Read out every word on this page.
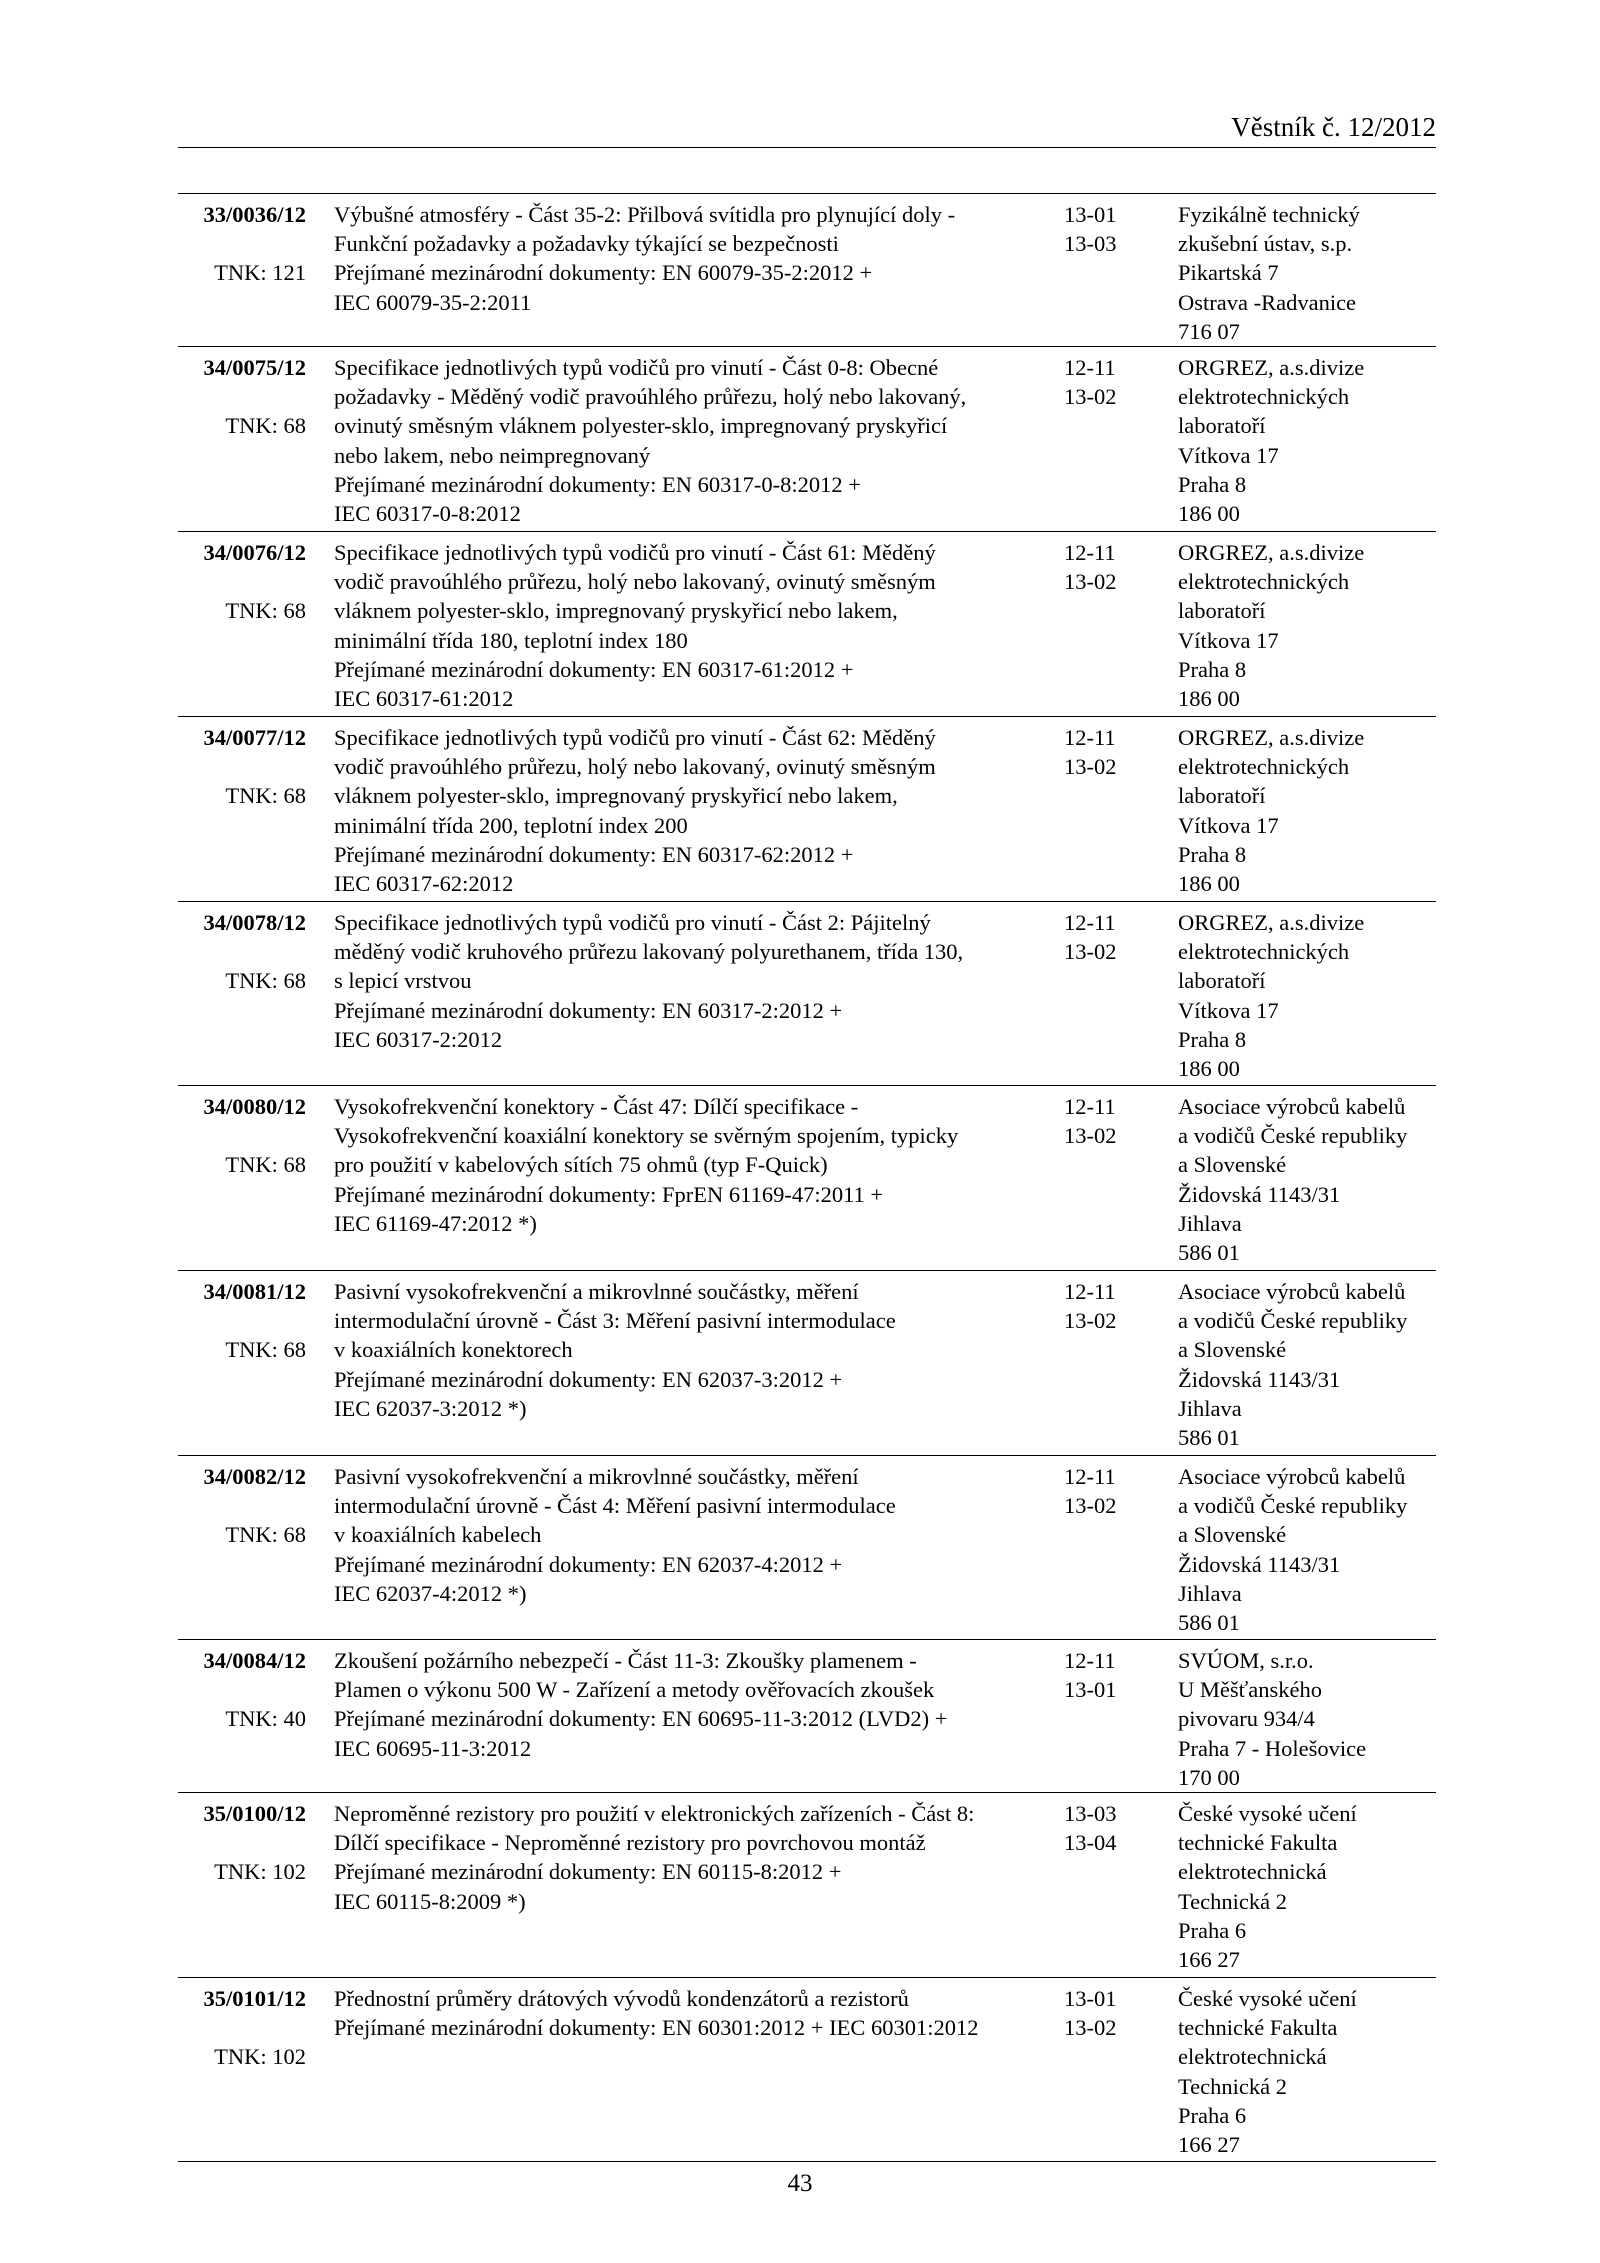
Věstník č. 12/2012
33/0036/12
TNK: 121
Výbušné atmosféry - Část 35-2: Přilbová svítidla pro plynující doly -
Funkční požadavky a požadavky týkající se bezpečnosti
Přejímané mezinárodní dokumenty: EN 60079-35-2:2012 +
IEC 60079-35-2:2011
13-01
13-03
Fyzikálně technický
zkušební ústav, s.p.
Pikartská 7
Ostrava -Radvanice
716 07
34/0075/12
TNK: 68
Specifikace jednotlivých typů vodičů pro vinutí - Část 0-8: Obecné
požadavky - Měděný vodič pravoúhlého průřezu, holý nebo lakovaný,
ovinutý směsným vláknem polyester-sklo, impregnovaný pryskyřicí
nebo lakem, nebo neimpregnovaný
Přejímané mezinárodní dokumenty: EN 60317-0-8:2012 +
IEC 60317-0-8:2012
12-11
13-02
ORGREZ, a.s.divize
elektrotechnických
laboratoří
Vítkova 17
Praha 8
186 00
34/0076/12
TNK: 68
Specifikace jednotlivých typů vodičů pro vinutí - Část 61: Měděný
vodič pravoúhlého průřezu, holý nebo lakovaný, ovinutý směsným
vláknem polyester-sklo, impregnovaný pryskyřicí nebo lakem,
minimální třída 180, teplotní index 180
Přejímané mezinárodní dokumenty: EN 60317-61:2012 +
IEC 60317-61:2012
12-11
13-02
ORGREZ, a.s.divize
elektrotechnických
laboratoří
Vítkova 17
Praha 8
186 00
34/0077/12
TNK: 68
Specifikace jednotlivých typů vodičů pro vinutí - Část 62: Měděný
vodič pravoúhlého průřezu, holý nebo lakovaný, ovinutý směsným
vláknem polyester-sklo, impregnovaný pryskyřicí nebo lakem,
minimální třída 200, teplotní index 200
Přejímané mezinárodní dokumenty: EN 60317-62:2012 +
IEC 60317-62:2012
12-11
13-02
ORGREZ, a.s.divize
elektrotechnických
laboratoří
Vítkova 17
Praha 8
186 00
34/0078/12
TNK: 68
Specifikace jednotlivých typů vodičů pro vinutí - Část 2: Pájitelný
měděný vodič kruhového průřezu lakovaný polyurethanem, třída 130,
s lepicí vrstvou
Přejímané mezinárodní dokumenty: EN 60317-2:2012 +
IEC 60317-2:2012
12-11
13-02
ORGREZ, a.s.divize
elektrotechnických
laboratoří
Vítkova 17
Praha 8
186 00
34/0080/12
TNK: 68
Vysokofrekvenční konektory - Část 47: Dílčí specifikace -
Vysokofrekvenční koaxiální konektory se svěrným spojením, typicky
pro použití v kabelových sítích 75 ohmů (typ F-Quick)
Přejímané mezinárodní dokumenty: FprEN 61169-47:2011 +
IEC 61169-47:2012 *)
12-11
13-02
Asociace výrobců kabelů
a vodičů České republiky
a Slovenské
Židovská 1143/31
Jihlava
586 01
34/0081/12
TNK: 68
Pasivní vysokofrekvenční a mikrovlnné součástky, měření
intermodulační úrovně - Část 3: Měření pasivní intermodulace
v koaxiálních konektorech
Přejímané mezinárodní dokumenty: EN 62037-3:2012 +
IEC 62037-3:2012 *)
12-11
13-02
Asociace výrobců kabelů
a vodičů České republiky
a Slovenské
Židovská 1143/31
Jihlava
586 01
34/0082/12
TNK: 68
Pasivní vysokofrekvenční a mikrovlnné součástky, měření
intermodulační úrovně - Část 4: Měření pasivní intermodulace
v koaxiálních kabelech
Přejímané mezinárodní dokumenty: EN 62037-4:2012 +
IEC 62037-4:2012 *)
12-11
13-02
Asociace výrobců kabelů
a vodičů České republiky
a Slovenské
Židovská 1143/31
Jihlava
586 01
34/0084/12
TNK: 40
Zkoušení požárního nebezpečí - Část 11-3: Zkoušky plamenem -
Plamen o výkonu 500 W - Zařízení a metody ověřovacích zkoušek
Přejímané mezinárodní dokumenty: EN 60695-11-3:2012 (LVD2) +
IEC 60695-11-3:2012
12-11
13-01
SVÚOM, s.r.o.
U Měšťanského
pivovaru 934/4
Praha 7 - Holešovice
170 00
35/0100/12
TNK: 102
Neproměnné rezistory pro použití v elektronických zařízeních - Část 8:
Dílčí specifikace - Neproměnné rezistory pro povrchovou montáž
Přejímané mezinárodní dokumenty: EN 60115-8:2012 +
IEC 60115-8:2009 *)
13-03
13-04
České vysoké učení
technické Fakulta
elektrotechnická
Technická 2
Praha 6
166 27
35/0101/12
TNK: 102
Přednostní průměry drátových vývodů kondenzátorů a rezistorů
Přejímané mezinárodní dokumenty: EN 60301:2012 + IEC 60301:2012
13-01
13-02
České vysoké učení
technické Fakulta
elektrotechnická
Technická 2
Praha 6
166 27
43
